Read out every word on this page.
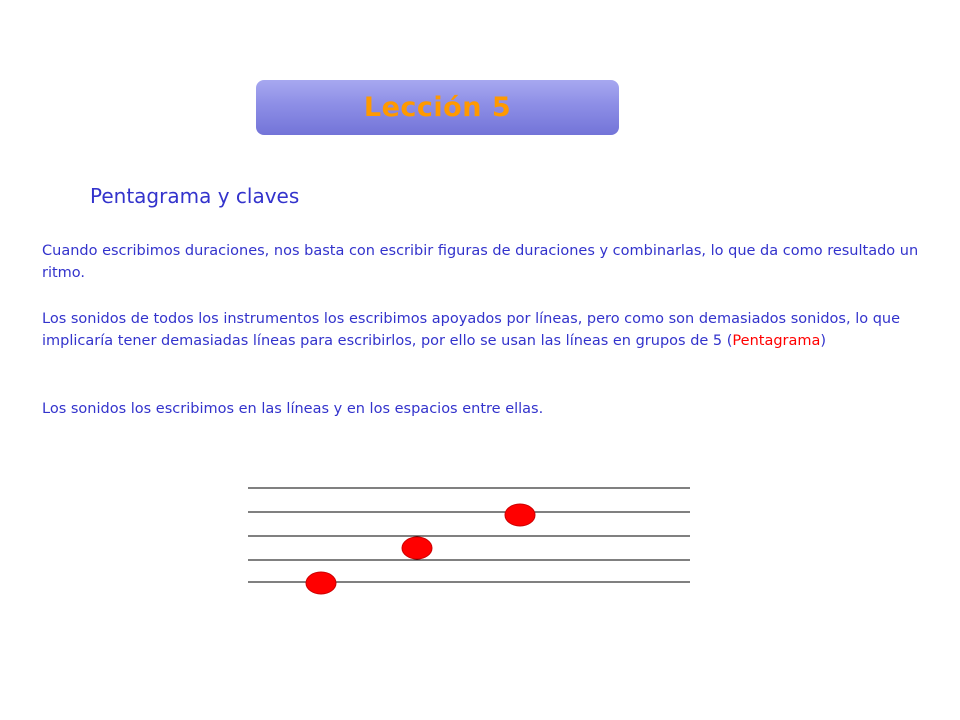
Lección 5
Pentagrama y claves
Cuando escribimos duraciones, nos basta con escribir figuras de duraciones y combinarlas, lo que da como resultado un ritmo.
Los sonidos de todos los instrumentos los escribimos apoyados por líneas, pero como son demasiados sonidos, lo que implicaría tener demasiadas líneas para escribirlos, por ello se usan las líneas en grupos de 5 (Pentagrama)
Los sonidos los escribimos en las líneas y en los espacios entre ellas.
